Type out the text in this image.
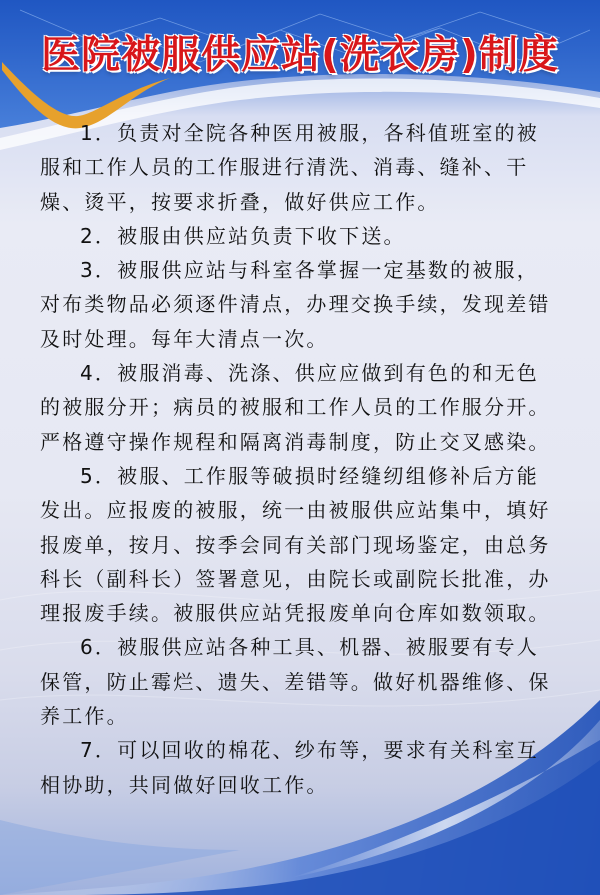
医院被服供应站(洗衣房)制度

1．负责对全院各种医用被服，各科值班室的被服和工作人员的工作服进行清洗、消毒、缝补、干燥、烫平，按要求折叠，做好供应工作。

2．被服由供应站负责下收下送。

3．被服供应站与科室各掌握一定基数的被服，对布类物品必须逐件清点，办理交换手续，发现差错及时处理。每年大清点一次。

4．被服消毒、洗涤、供应应做到有色的和无色的被服分开；病员的被服和工作人员的工作服分开。严格遵守操作规程和隔离消毒制度，防止交叉感染。

5．被服、工作服等破损时经缝纫组修补后方能发出。应报废的被服，统一由被服供应站集中，填好报废单，按月、按季会同有关部门现场鉴定，由总务科长（副科长）签署意见，由院长或副院长批准，办理报废手续。被服供应站凭报废单向仓库如数领取。

6．被服供应站各种工具、机器、被服要有专人保管，防止霉烂、遗失、差错等。做好机器维修、保养工作。

7．可以回收的棉花、纱布等，要求有关科室互相协助，共同做好回收工作。
